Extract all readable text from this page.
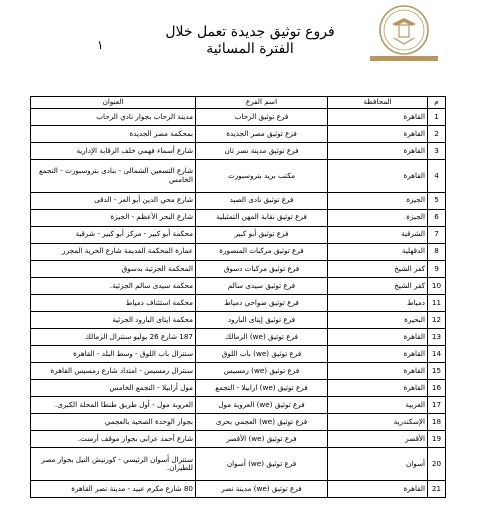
فروع توثيق جديدة تعمل خلال
الفترة المسائية
١
م	المحافظة	اسم الفرع	العنوان
1	القاهرة	فرع توثيق الرحاب	مدينة الرحاب بجوار نادي الرحاب
2	القاهرة	فرع توثيق مصر الجديدة	بمحكمة مصر الجديدة
3	القاهرة	فرع توثيق مدينة نصر ثان	شارع أسماء فهمي خلف الرقابة الإدارية
4	القاهرة	مكتب بريد بتروسبورت	شارع التسعين الشمالى - بنادى بتروسبورت - التجمع الخامس
5	الجيزة	فرع توثيق نادى الصيد	شارع محي الدين أبو العز - الدقى
6	الجيزة	فرع توثيق نقابة المهن التمثيلية	شارع البحر الأعظم - الجيزة
7	الشرقية	فرع توثيق أبو كبير	محكمة أبو كبير - مركز أبو كبير - شرقية
8	الدقهلية	فرع توثيق مركبات المنصورة	عمارة المحكمة القديمة شارع الحرية المجزر
9	كفر الشيخ	فرع توثيق مركبات دسوق	المحكمة الجزئية بدسوق
10	كفر الشيخ	فرع توثيق سيدى سالم	محكمة سيدى سالم الجزئية.
11	دمياط	فرع توثيق ضواحي دمياط	محكمة استئناف دمياط
12	البحيرة	فرع توثيق إيتاى البارود	محكمة ايتاى البارود الجزئية
13	القاهرة	فرع توثيق (we) الزمالك	187 شارع 26 يوليو سنترال الزمالك
14	القاهرة	فرع توثيق (we) باب اللوق	سنترال باب اللوق - وسط البلد - القاهرة
15	القاهرة	فرع توثيق (we) رمسيس	سنترال رمسيس - امتداد شارع رمسيس القاهرة
16	القاهرة	فرع توثيق (we) ارابيلا - التجمع	مول أرابيلا - التجمع الخامس
17	الغربية	فرع توثيق (we) العروبة مول	العروبة مول - أول طريق طنطا المحلة الكبرى.
18	الإسكندرية	فرع توثيق (we) العجمي بحرى	بجوار الوحدة الصحية بالعجمي
19	الأقصر	فرع توثيق (we) الأقصر	شارع أحمد عرابى بجوار موقف أرمنت.
20	أسوان	فرع توثيق (we) أسوان	سنترال أسوان الرئيسي - كورنيش النيل بجوار مصر للطيران.
21	القاهرة	فرع توثيق (we) مدينة نصر	80 شارع مكرم عبيد - مدينة نصر القاهرة
